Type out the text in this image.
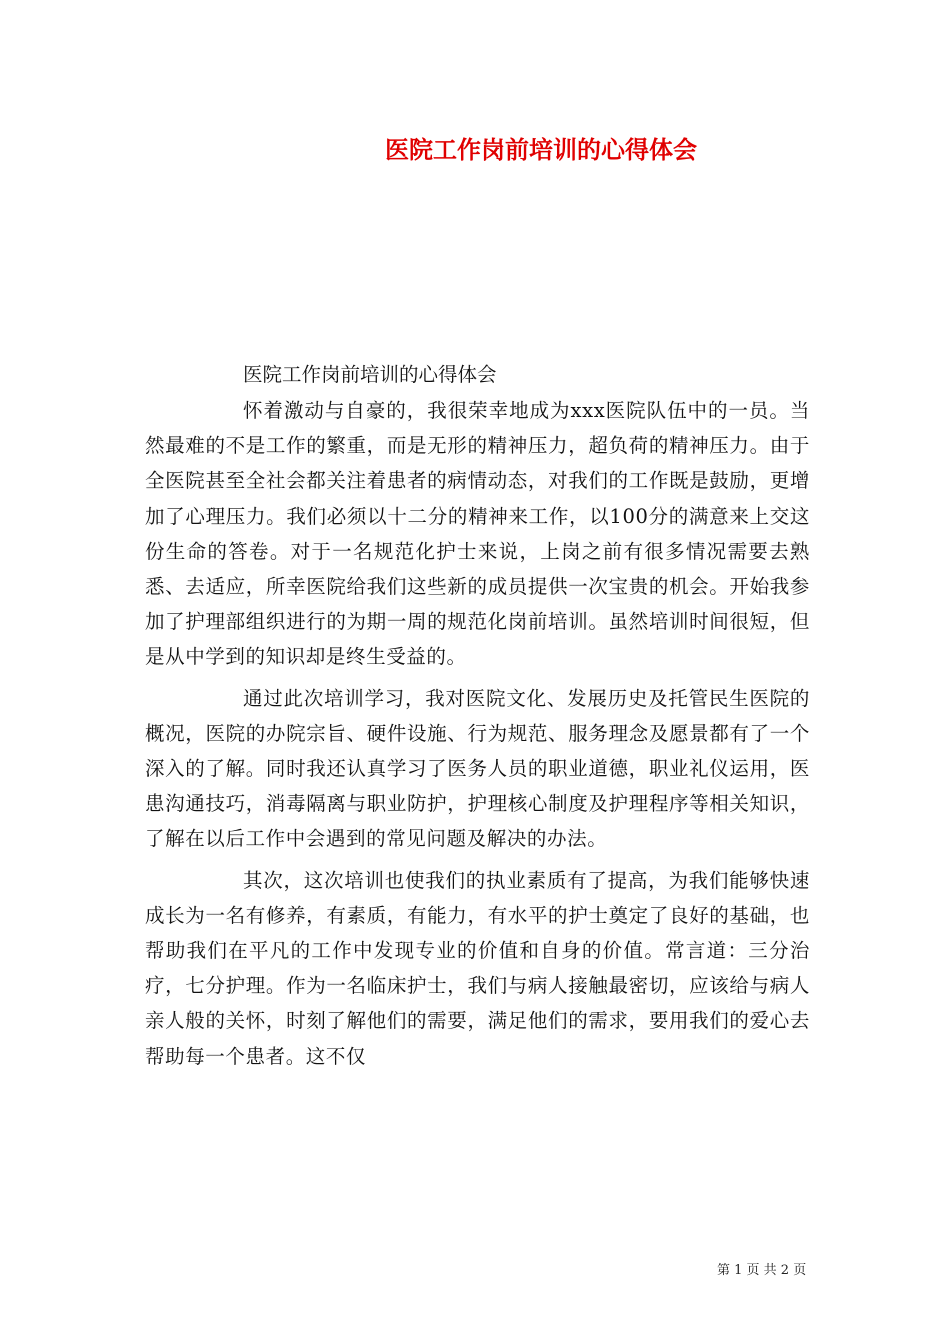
医院工作岗前培训的心得体会

医院工作岗前培训的心得体会

怀着激动与自豪的，我很荣幸地成为xxx医院队伍中的一员。当然最难的不是工作的繁重，而是无形的精神压力，超负荷的精神压力。由于全医院甚至全社会都关注着患者的病情动态，对我们的工作既是鼓励，更增加了心理压力。我们必须以十二分的精神来工作，以100分的满意来上交这份生命的答卷。对于一名规范化护士来说，上岗之前有很多情况需要去熟悉、去适应，所幸医院给我们这些新的成员提供一次宝贵的机会。开始我参加了护理部组织进行的为期一周的规范化岗前培训。虽然培训时间很短，但是从中学到的知识却是终生受益的。

通过此次培训学习，我对医院文化、发展历史及托管民生医院的概况，医院的办院宗旨、硬件设施、行为规范、服务理念及愿景都有了一个深入的了解。同时我还认真学习了医务人员的职业道德，职业礼仪运用，医患沟通技巧，消毒隔离与职业防护，护理核心制度及护理程序等相关知识，了解在以后工作中会遇到的常见问题及解决的办法。

其次，这次培训也使我们的执业素质有了提高，为我们能够快速成长为一名有修养，有素质，有能力，有水平的护士奠定了良好的基础，也帮助我们在平凡的工作中发现专业的价值和自身的价值。常言道：三分治疗，七分护理。作为一名临床护士，我们与病人接触最密切，应该给与病人亲人般的关怀，时刻了解他们的需要，满足他们的需求，要用我们的爱心去帮助每一个患者。这不仅

第 1 页 共 2 页
